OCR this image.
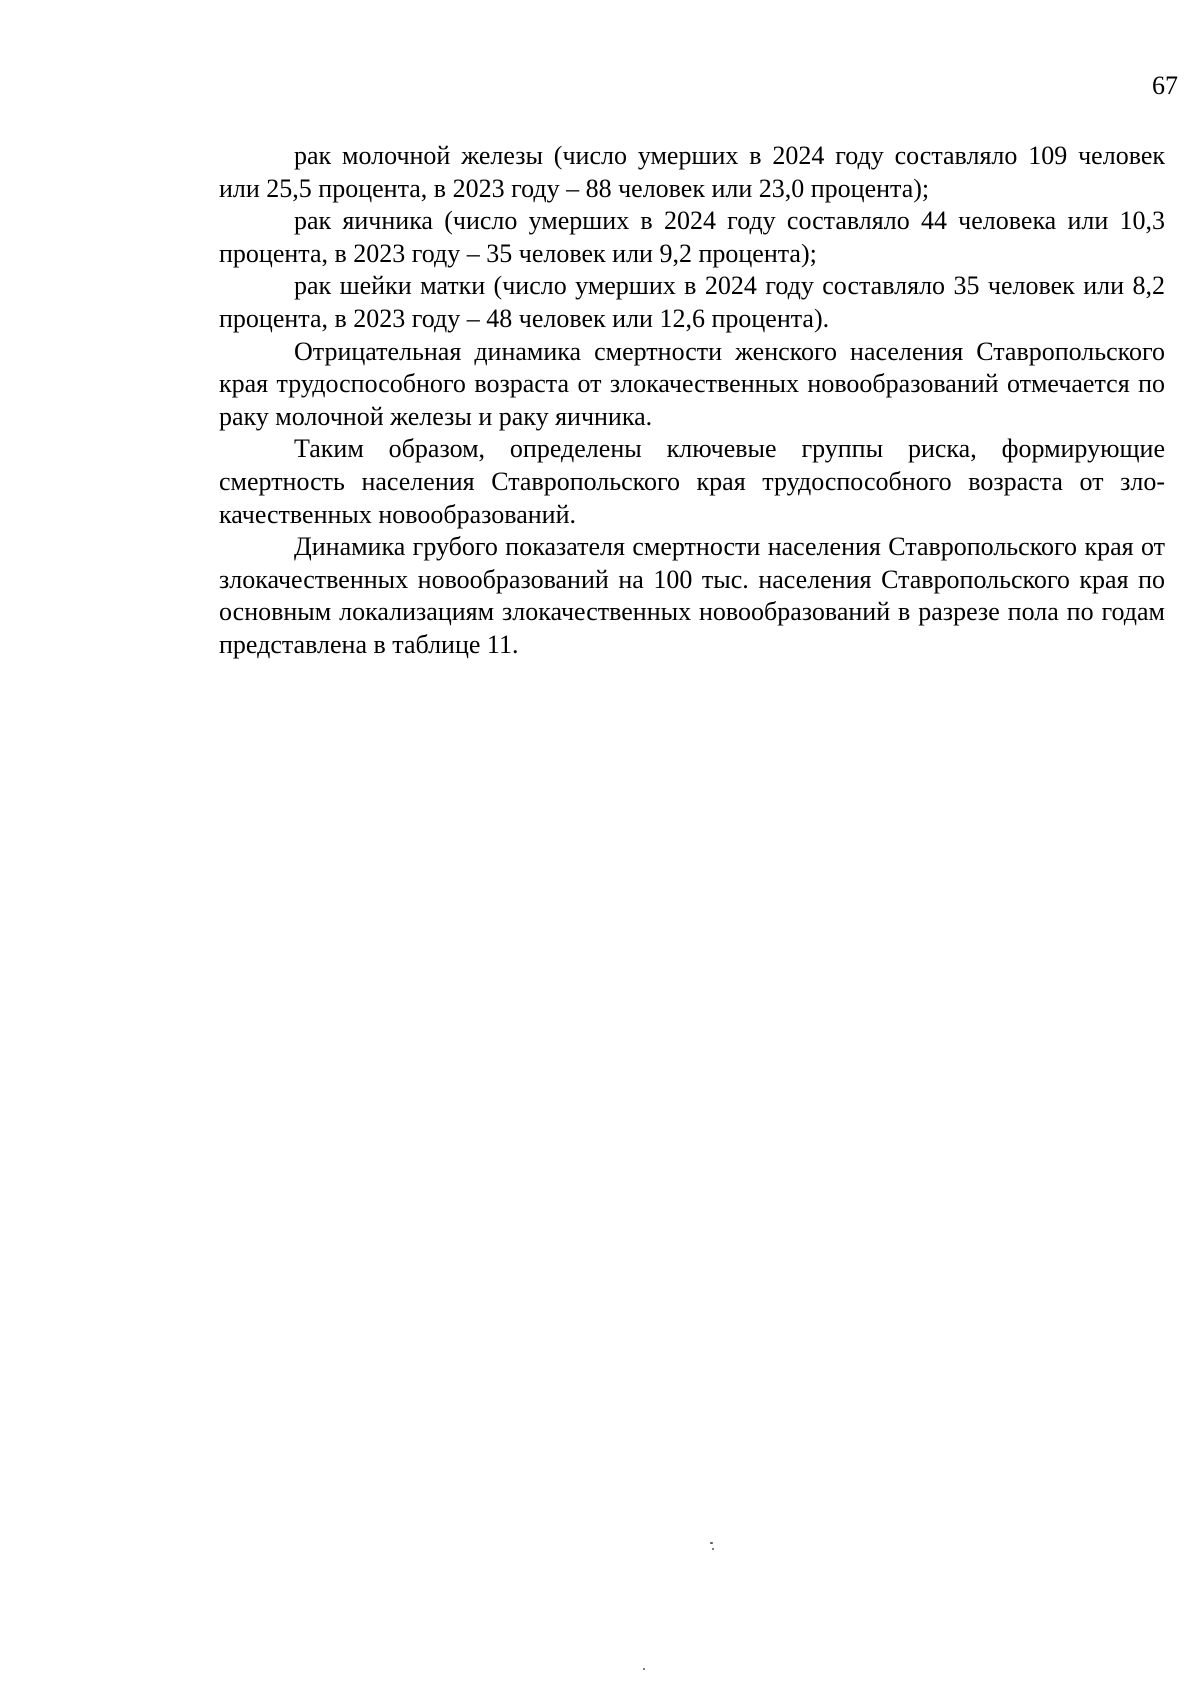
67

рак молочной железы (число умерших в 2024 году составляло 109 человек или 25,5 процента, в 2023 году – 88 человек или 23,0 процента);

рак яичника (число умерших в 2024 году составляло 44 человека или 10,3 процента, в 2023 году – 35 человек или 9,2 процента);

рак шейки матки (число умерших в 2024 году составляло 35 человек или 8,2 процента, в 2023 году – 48 человек или 12,6 процента).

Отрицательная динамика смертности женского населения Ставропольского края трудоспособного возраста от злокачественных новообразований отмечается по раку молочной железы и раку яичника.

Таким образом, определены ключевые группы риска, формирующие смертность населения Ставропольского края трудоспособного возраста от злокачественных новообразований.

Динамика грубого показателя смертности населения Ставропольского края от злокачественных новообразований на 100 тыс. населения Ставропольского края по основным локализациям злокачественных новообразований в разрезе пола по годам представлена в таблице 11.
